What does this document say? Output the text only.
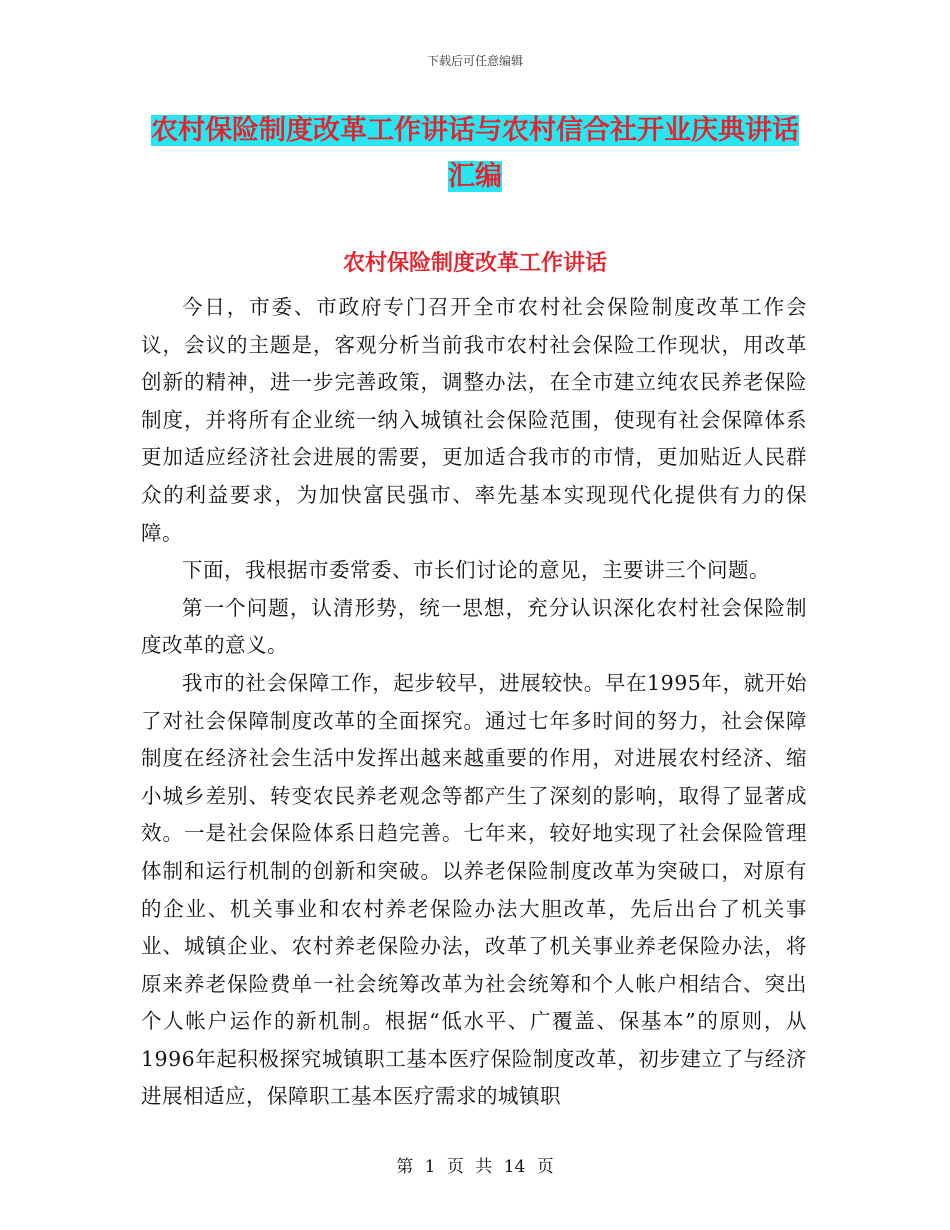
下载后可任意编辑
农村保险制度改革工作讲话与农村信合社开业庆典讲话汇编
农村保险制度改革工作讲话

今日，市委、市政府专门召开全市农村社会保险制度改革工作会议，会议的主题是，客观分析当前我市农村社会保险工作现状，用改革创新的精神，进一步完善政策，调整办法，在全市建立纯农民养老保险制度，并将所有企业统一纳入城镇社会保险范围，使现有社会保障体系更加适应经济社会进展的需要，更加适合我市的市情，更加贴近人民群众的利益要求，为加快富民强市、率先基本实现现代化提供有力的保障。

下面，我根据市委常委、市长们讨论的意见，主要讲三个问题。

第一个问题，认清形势，统一思想，充分认识深化农村社会保险制度改革的意义。

我市的社会保障工作，起步较早，进展较快。早在1995年，就开始了对社会保障制度改革的全面探究。通过七年多时间的努力，社会保障制度在经济社会生活中发挥出越来越重要的作用，对进展农村经济、缩小城乡差别、转变农民养老观念等都产生了深刻的影响，取得了显著成效。一是社会保险体系日趋完善。七年来，较好地实现了社会保险管理体制和运行机制的创新和突破。以养老保险制度改革为突破口，对原有的企业、机关事业和农村养老保险办法大胆改革，先后出台了机关事业、城镇企业、农村养老保险办法，改革了机关事业养老保险办法，将原来养老保险费单一社会统筹改革为社会统筹和个人帐户相结合、突出个人帐户运作的新机制。根据“低水平、广覆盖、保基本”的原则，从1996年起积极探究城镇职工基本医疗保险制度改革，初步建立了与经济进展相适应，保障职工基本医疗需求的城镇职

第 1 页 共 14 页
